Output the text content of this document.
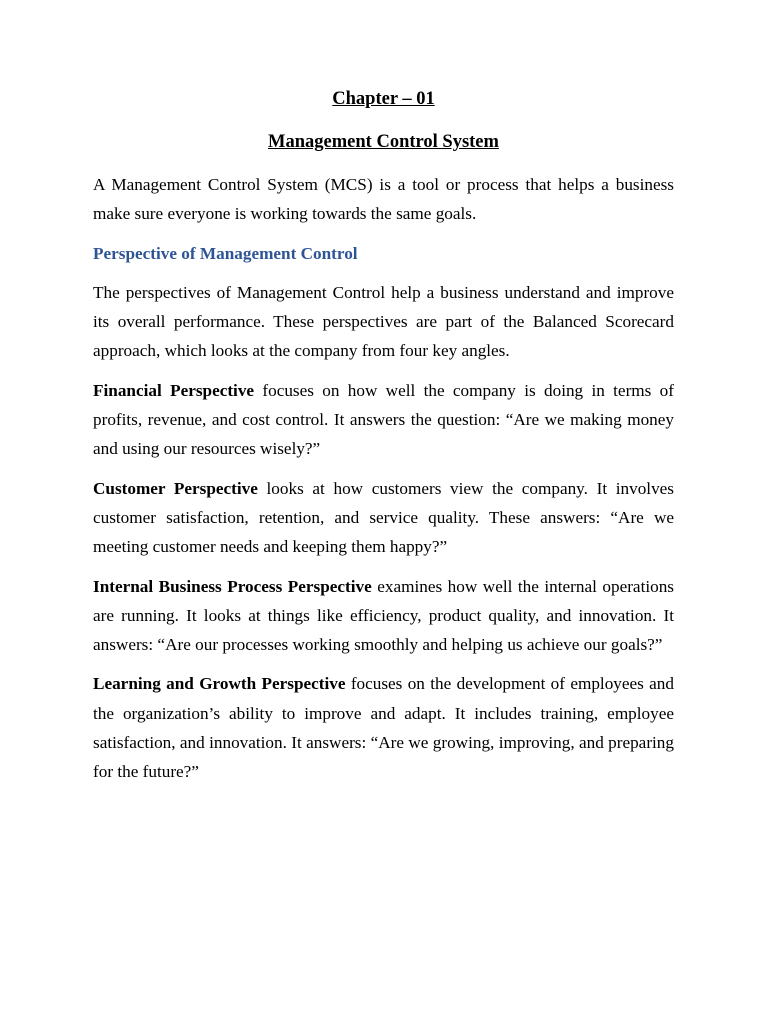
Chapter – 01

Management Control System

A Management Control System (MCS) is a tool or process that helps a business make sure everyone is working towards the same goals.

Perspective of Management Control

The perspectives of Management Control help a business understand and improve its overall performance. These perspectives are part of the Balanced Scorecard approach, which looks at the company from four key angles.

Financial Perspective focuses on how well the company is doing in terms of profits, revenue, and cost control. It answers the question: “Are we making money and using our resources wisely?”

Customer Perspective looks at how customers view the company. It involves customer satisfaction, retention, and service quality. These answers: “Are we meeting customer needs and keeping them happy?”

Internal Business Process Perspective examines how well the internal operations are running. It looks at things like efficiency, product quality, and innovation. It answers: “Are our processes working smoothly and helping us achieve our goals?”

Learning and Growth Perspective focuses on the development of employees and the organization’s ability to improve and adapt. It includes training, employee satisfaction, and innovation. It answers: “Are we growing, improving, and preparing for the future?”
